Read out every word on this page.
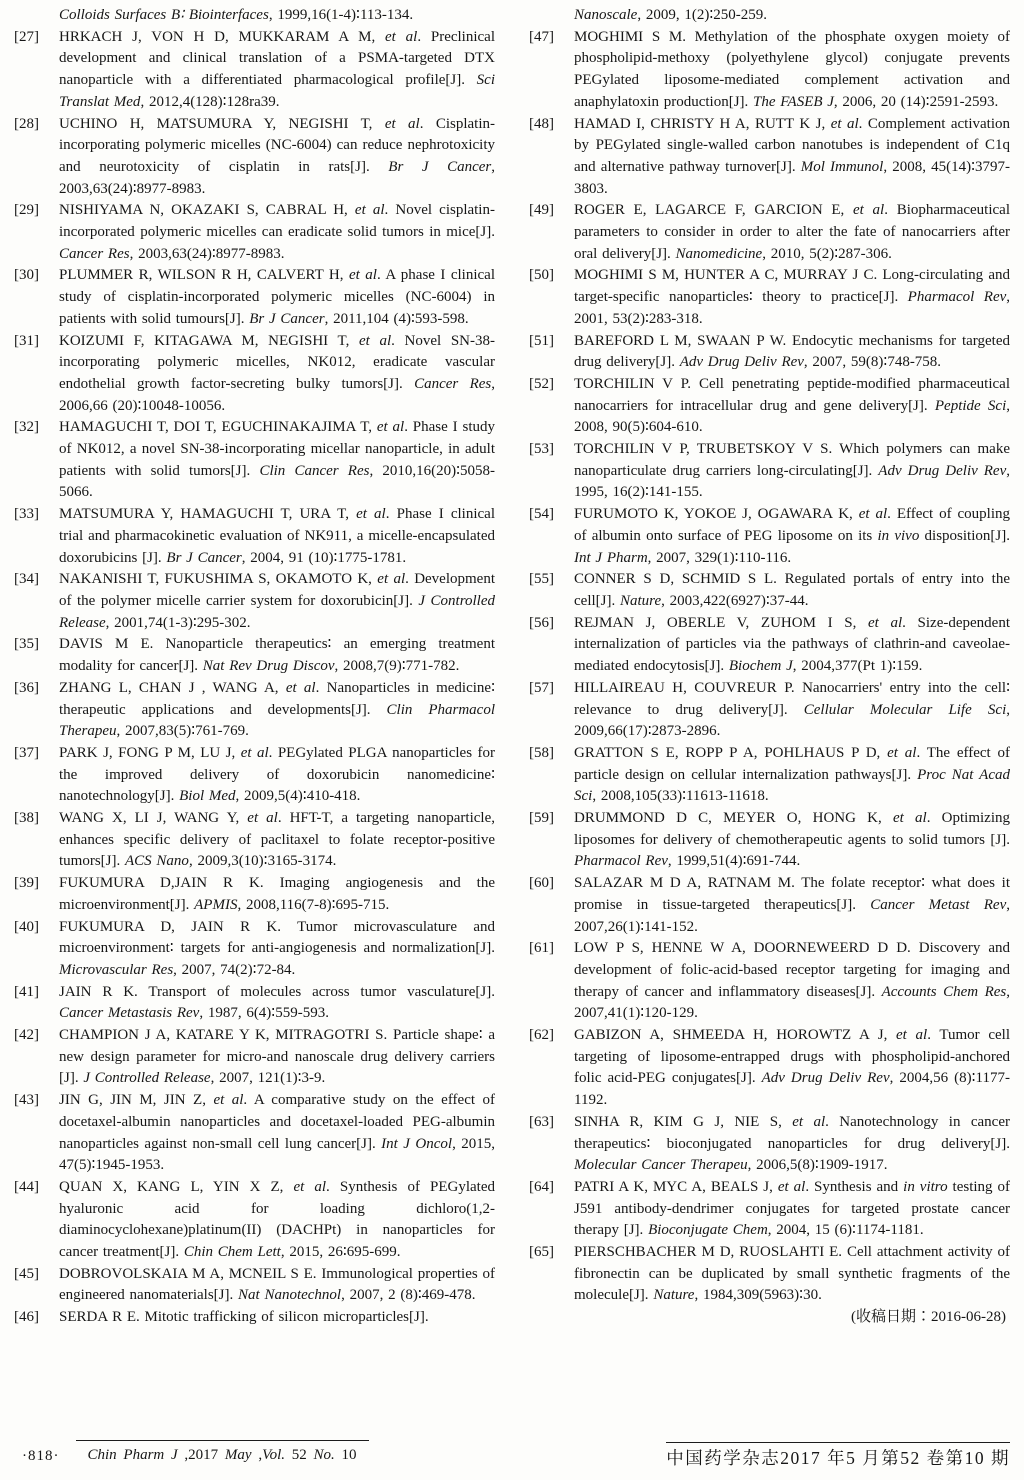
Colloids Surfaces B∶ Biointerfaces, 1999,16(1-4)∶113-134.
[27] HRKACH J, VON H D, MUKKARAM A M, et al. Preclinical development and clinical translation of a PSMA-targeted DTX nanoparticle with a differentiated pharmacological profile[J]. Sci Translat Med, 2012,4(128)∶128ra39.
[28] UCHINO H, MATSUMURA Y, NEGISHI T, et al. Cisplatin-incorporating polymeric micelles (NC-6004) can reduce nephrotoxicity and neurotoxicity of cisplatin in rats[J]. Br J Cancer, 2003,63(24)∶8977-8983.
[29] NISHIYAMA N, OKAZAKI S, CABRAL H, et al. Novel cisplatin-incorporated polymeric micelles can eradicate solid tumors in mice[J]. Cancer Res, 2003,63(24)∶8977-8983.
[30] PLUMMER R, WILSON R H, CALVERT H, et al. A phase I clinical study of cisplatin-incorporated polymeric micelles (NC-6004) in patients with solid tumours[J]. Br J Cancer, 2011,104 (4)∶593-598.
[31] KOIZUMI F, KITAGAWA M, NEGISHI T, et al. Novel SN-38-incorporating polymeric micelles, NK012, eradicate vascular endothelial growth factor-secreting bulky tumors[J]. Cancer Res, 2006,66 (20)∶10048-10056.
[32] HAMAGUCHI T, DOI T, EGUCHINAKAJIMA T, et al. Phase I study of NK012, a novel SN-38-incorporating micellar nanoparticle, in adult patients with solid tumors[J]. Clin Cancer Res, 2010,16(20)∶5058-5066.
[33] MATSUMURA Y, HAMAGUCHI T, URA T, et al. Phase I clinical trial and pharmacokinetic evaluation of NK911, a micelle-encapsulated doxorubicins [J]. Br J Cancer, 2004, 91 (10)∶1775-1781.
[34] NAKANISHI T, FUKUSHIMA S, OKAMOTO K, et al. Development of the polymer micelle carrier system for doxorubicin[J]. J Controlled Release, 2001,74(1-3)∶295-302.
[35] DAVIS M E. Nanoparticle therapeutics∶ an emerging treatment modality for cancer[J]. Nat Rev Drug Discov, 2008,7(9)∶771-782.
[36] ZHANG L, CHAN J , WANG A, et al. Nanoparticles in medicine∶ therapeutic applications and developments[J]. Clin Pharmacol Therapeu, 2007,83(5)∶761-769.
[37] PARK J, FONG P M, LU J, et al. PEGylated PLGA nanoparticles for the improved delivery of doxorubicin nanomedicine∶ nanotechnology[J]. Biol Med, 2009,5(4)∶410-418.
[38] WANG X, LI J, WANG Y, et al. HFT-T, a targeting nanoparticle, enhances specific delivery of paclitaxel to folate receptor-positive tumors[J]. ACS Nano, 2009,3(10)∶3165-3174.
[39] FUKUMURA D,JAIN R K. Imaging angiogenesis and the microenvironment[J]. APMIS, 2008,116(7-8)∶695-715.
[40] FUKUMURA D, JAIN R K. Tumor microvasculature and microenvironment∶ targets for anti-angiogenesis and normalization[J]. Microvascular Res, 2007, 74(2)∶72-84.
[41] JAIN R K. Transport of molecules across tumor vasculature[J]. Cancer Metastasis Rev, 1987, 6(4)∶559-593.
[42] CHAMPION J A, KATARE Y K, MITRAGOTRI S. Particle shape∶ a new design parameter for micro-and nanoscale drug delivery carriers [J]. J Controlled Release, 2007, 121(1)∶3-9.
[43] JIN G, JIN M, JIN Z, et al. A comparative study on the effect of docetaxel-albumin nanoparticles and docetaxel-loaded PEG-albumin nanoparticles against non-small cell lung cancer[J]. Int J Oncol, 2015, 47(5)∶1945-1953.
[44] QUAN X, KANG L, YIN X Z, et al. Synthesis of PEGylated hyaluronic acid for loading dichloro(1,2-diaminocyclohexane)platinum(II) (DACHPt) in nanoparticles for cancer treatment[J]. Chin Chem Lett, 2015, 26∶695-699.
[45] DOBROVOLSKAIA M A, MCNEIL S E. Immunological properties of engineered nanomaterials[J]. Nat Nanotechnol, 2007, 2 (8)∶469-478.
[46] SERDA R E. Mitotic trafficking of silicon microparticles[J].
Nanoscale, 2009, 1(2)∶250-259.
[47] MOGHIMI S M. Methylation of the phosphate oxygen moiety of phospholipid-methoxy (polyethylene glycol) conjugate prevents PEGylated liposome-mediated complement activation and anaphylatoxin production[J]. The FASEB J, 2006, 20 (14)∶2591-2593.
[48] HAMAD I, CHRISTY H A, RUTT K J, et al. Complement activation by PEGylated single-walled carbon nanotubes is independent of C1q and alternative pathway turnover[J]. Mol Immunol, 2008, 45(14)∶3797-3803.
[49] ROGER E, LAGARCE F, GARCION E, et al. Biopharmaceutical parameters to consider in order to alter the fate of nanocarriers after oral delivery[J]. Nanomedicine, 2010, 5(2)∶287-306.
[50] MOGHIMI S M, HUNTER A C, MURRAY J C. Long-circulating and target-specific nanoparticles∶ theory to practice[J]. Pharmacol Rev, 2001, 53(2)∶283-318.
[51] BAREFORD L M, SWAAN P W. Endocytic mechanisms for targeted drug delivery[J]. Adv Drug Deliv Rev, 2007, 59(8)∶748-758.
[52] TORCHILIN V P. Cell penetrating peptide-modified pharmaceutical nanocarriers for intracellular drug and gene delivery[J]. Peptide Sci, 2008, 90(5)∶604-610.
[53] TORCHILIN V P, TRUBETSKOY V S. Which polymers can make nanoparticulate drug carriers long-circulating[J]. Adv Drug Deliv Rev, 1995, 16(2)∶141-155.
[54] FURUMOTO K, YOKOE J, OGAWARA K, et al. Effect of coupling of albumin onto surface of PEG liposome on its in vivo disposition[J]. Int J Pharm, 2007, 329(1)∶110-116.
[55] CONNER S D, SCHMID S L. Regulated portals of entry into the cell[J]. Nature, 2003,422(6927)∶37-44.
[56] REJMAN J, OBERLE V, ZUHOM I S, et al. Size-dependent internalization of particles via the pathways of clathrin-and caveolae-mediated endocytosis[J]. Biochem J, 2004,377(Pt 1)∶159.
[57] HILLAIREAU H, COUVREUR P. Nanocarriers' entry into the cell∶ relevance to drug delivery[J]. Cellular Molecular Life Sci, 2009,66(17)∶2873-2896.
[58] GRATTON S E, ROPP P A, POHLHAUS P D, et al. The effect of particle design on cellular internalization pathways[J]. Proc Nat Acad Sci, 2008,105(33)∶11613-11618.
[59] DRUMMOND D C, MEYER O, HONG K, et al. Optimizing liposomes for delivery of chemotherapeutic agents to solid tumors [J]. Pharmacol Rev, 1999,51(4)∶691-744.
[60] SALAZAR M D A, RATNAM M. The folate receptor∶ what does it promise in tissue-targeted therapeutics[J]. Cancer Metast Rev, 2007,26(1)∶141-152.
[61] LOW P S, HENNE W A, DOORNEWEERD D D. Discovery and development of folic-acid-based receptor targeting for imaging and therapy of cancer and inflammatory diseases[J]. Accounts Chem Res, 2007,41(1)∶120-129.
[62] GABIZON A, SHMEEDA H, HOROWTZ A J, et al. Tumor cell targeting of liposome-entrapped drugs with phospholipid-anchored folic acid-PEG conjugates[J]. Adv Drug Deliv Rev, 2004,56 (8)∶1177-1192.
[63] SINHA R, KIM G J, NIE S, et al. Nanotechnology in cancer therapeutics∶ bioconjugated nanoparticles for drug delivery[J]. Molecular Cancer Therapeu, 2006,5(8)∶1909-1917.
[64] PATRI A K, MYC A, BEALS J, et al. Synthesis and in vitro testing of J591 antibody-dendrimer conjugates for targeted prostate cancer therapy [J]. Bioconjugate Chem, 2004, 15 (6)∶1174-1181.
[65] PIERSCHBACHER M D, RUOSLAHTI E. Cell attachment activity of fibronectin can be duplicated by small synthetic fragments of the molecule[J]. Nature, 1984,309(5963)∶30.
(收稿日期∶2016-06-28)
·818·	Chin Pharm J ,2017 May ,Vol. 52 No. 10	中国药学杂志2017 年5 月第52 卷第10 期
